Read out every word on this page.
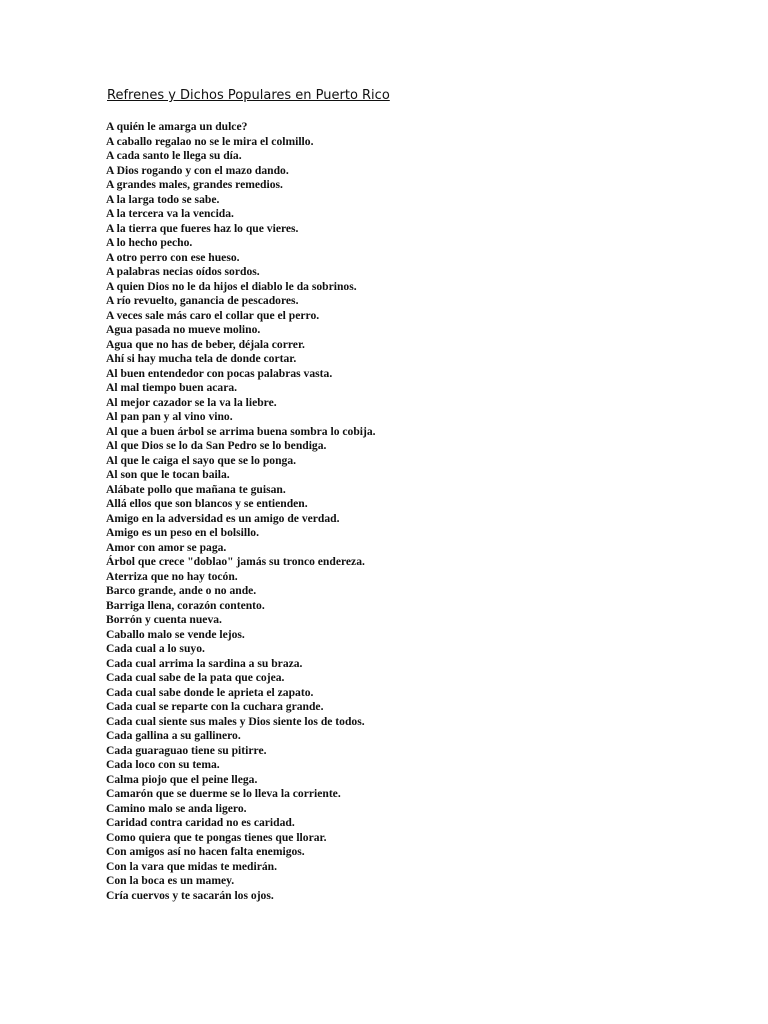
Refrenes y Dichos Populares en Puerto Rico
A quién le amarga un dulce?
A caballo regalao no se le mira el colmillo.
A cada santo le llega su día.
A Dios rogando y con el mazo dando.
A grandes males, grandes remedios.
A la larga todo se sabe.
A la tercera va la vencida.
A la tierra que fueres haz lo que vieres.
A lo hecho pecho.
A otro perro con ese hueso.
A palabras necias oídos sordos.
A quien Dios no le da hijos el diablo le da sobrinos.
A río revuelto, ganancia de pescadores.
A veces sale más caro el collar que el perro.
Agua pasada no mueve molino.
Agua que no has de beber, déjala correr.
Ahí si hay mucha tela de donde cortar.
Al buen entendedor con pocas palabras vasta.
Al mal tiempo buen acara.
Al mejor cazador se la va la liebre.
Al pan pan y al vino vino.
Al que a buen árbol se arrima buena sombra lo cobija.
Al que Dios se lo da San Pedro se lo bendiga.
Al que le caiga el sayo que se lo ponga.
Al son que le tocan baila.
Alábate pollo que mañana te guisan.
Allá ellos que son blancos y se entienden.
Amigo en la adversidad es un amigo de verdad.
Amigo es un peso en el bolsillo.
Amor con amor se paga.
Árbol que crece "doblao" jamás su tronco endereza.
Aterriza que no hay tocón.
Barco grande, ande o no ande.
Barriga llena, corazón contento.
Borrón y cuenta nueva.
Caballo malo se vende lejos.
Cada cual a lo suyo.
Cada cual arrima la sardina a su braza.
Cada cual sabe de la pata que cojea.
Cada cual sabe donde le aprieta el zapato.
Cada cual se reparte con la cuchara grande.
Cada cual siente sus males y Dios siente los de todos.
Cada gallina a su gallinero.
Cada guaraguao tiene su pitirre.
Cada loco con su tema.
Calma piojo que el peine llega.
Camarón que se duerme se lo lleva la corriente.
Camino malo se anda ligero.
Caridad contra caridad no es caridad.
Como quiera que te pongas tienes que llorar.
Con amigos así no hacen falta enemigos.
Con la vara que midas te medirán.
Con la boca es un mamey.
Cría cuervos y te sacarán los ojos.
